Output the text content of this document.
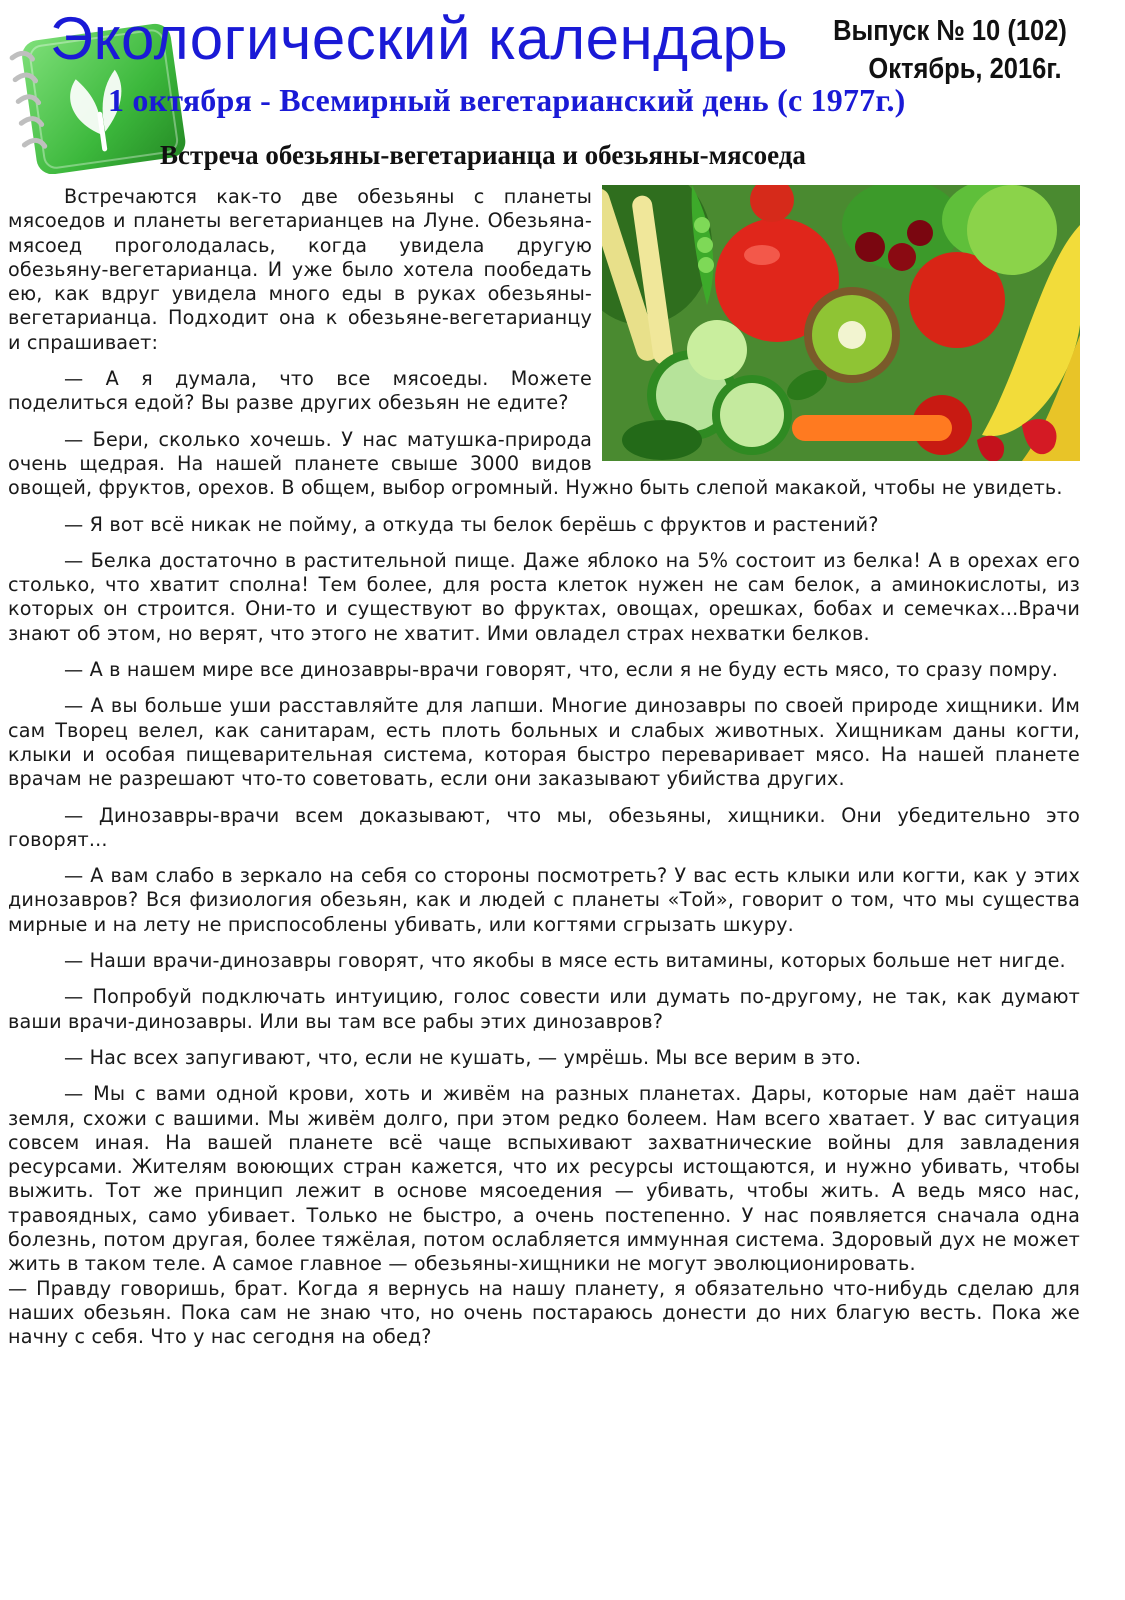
Экологический календарь Выпуск № 10 (102)
Октябрь, 2016г.
1 октября - Всемирный вегетарианский день (с 1977г.)
Встреча обезьяны-вегетарианца и обезьяны-мясоеда

Встречаются как-то две обезьяны с планеты мясоедов и планеты вегетарианцев на Луне. Обезьяна-мясоед проголодалась, когда увидела другую обезьяну-вегетарианца. И уже было хотела пообедать ею, как вдруг увидела много еды в руках обезьяны-вегетарианца. Подходит она к обезьяне-вегетарианцу и спрашивает:

— А я думала, что все мясоеды. Можете поделиться едой? Вы разве других обезьян не едите?

— Бери, сколько хочешь. У нас матушка-природа очень щедрая. На нашей планете свыше 3000 видов овощей, фруктов, орехов. В общем, выбор огромный. Нужно быть слепой макакой, чтобы не увидеть.

— Я вот всё никак не пойму, а откуда ты белок берёшь с фруктов и растений?

— Белка достаточно в растительной пище. Даже яблоко на 5% состоит из белка! А в орехах его столько, что хватит сполна! Тем более, для роста клеток нужен не сам белок, а аминокислоты, из которых он строится. Они-то и существуют во фруктах, овощах, орешках, бобах и семечках...Врачи знают об этом, но верят, что этого не хватит. Ими овладел страх нехватки белков.

— А в нашем мире все динозавры-врачи говорят, что, если я не буду есть мясо, то сразу помру.

— А вы больше уши расставляйте для лапши. Многие динозавры по своей природе хищники. Им сам Творец велел, как санитарам, есть плоть больных и слабых животных. Хищникам даны когти, клыки и особая пищеварительная система, которая быстро переваривает мясо. На нашей планете врачам не разрешают что-то советовать, если они заказывают убийства других.

— Динозавры-врачи всем доказывают, что мы, обезьяны, хищники. Они убедительно это говорят...

— А вам слабо в зеркало на себя со стороны посмотреть? У вас есть клыки или когти, как у этих динозавров? Вся физиология обезьян, как и людей с планеты «Той», говорит о том, что мы существа мирные и на лету не приспособлены убивать, или когтями сгрызать шкуру.

— Наши врачи-динозавры говорят, что якобы в мясе есть витамины, которых больше нет нигде.

— Попробуй подключать интуицию, голос совести или думать по-другому, не так, как думают ваши врачи-динозавры. Или вы там все рабы этих динозавров?

— Нас всех запугивают, что, если не кушать, — умрёшь. Мы все верим в это.

— Мы с вами одной крови, хоть и живём на разных планетах. Дары, которые нам даёт наша земля, схожи с вашими. Мы живём долго, при этом редко болеем. Нам всего хватает. У вас ситуация совсем иная. На вашей планете всё чаще вспыхивают захватнические войны для завладения ресурсами. Жителям воюющих стран кажется, что их ресурсы истощаются, и нужно убивать, чтобы выжить. Тот же принцип лежит в основе мясоедения — убивать, чтобы жить. А ведь мясо нас, травоядных, само убивает. Только не быстро, а очень постепенно. У нас появляется сначала одна болезнь, потом другая, более тяжёлая, потом ослабляется иммунная система. Здоровый дух не может жить в таком теле. А самое главное — обезьяны-хищники не могут эволюционировать.

— Правду говоришь, брат. Когда я вернусь на нашу планету, я обязательно что-нибудь сделаю для наших обезьян. Пока сам не знаю что, но очень постараюсь донести до них благую весть. Пока же начну с себя. Что у нас сегодня на обед?
